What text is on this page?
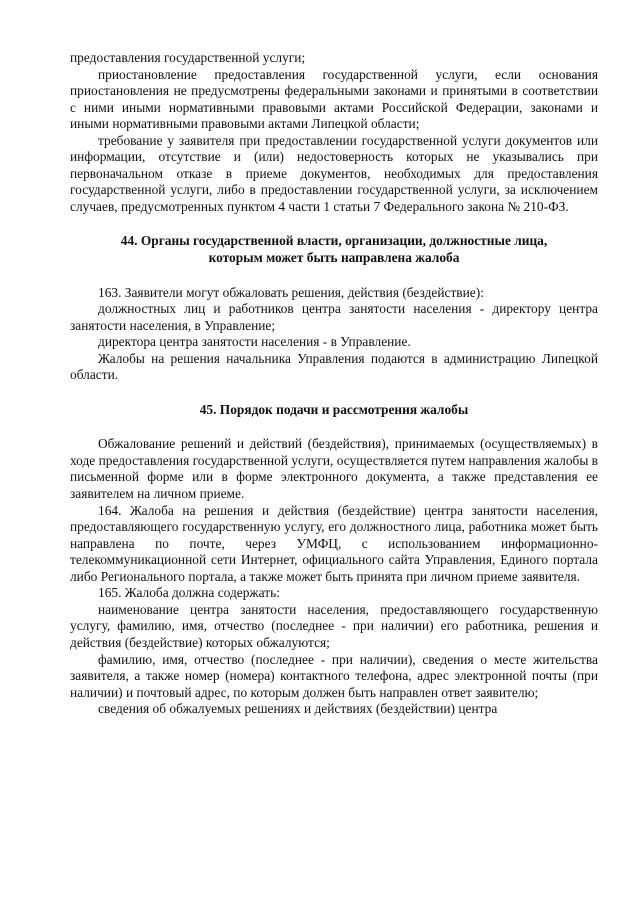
предоставления государственной услуги;

приостановление предоставления государственной услуги, если основания приостановления не предусмотрены федеральными законами и принятыми в соответствии с ними иными нормативными правовыми актами Российской Федерации, законами и иными нормативными правовыми актами Липецкой области;

требование у заявителя при предоставлении государственной услуги документов или информации, отсутствие и (или) недостоверность которых не указывались при первоначальном отказе в приеме документов, необходимых для предоставления государственной услуги, либо в предоставлении государственной услуги, за исключением случаев, предусмотренных пунктом 4 части 1 статьи 7 Федерального закона № 210-ФЗ.

44. Органы государственной власти, организации, должностные лица, которым может быть направлена жалоба

163. Заявители могут обжаловать решения, действия (бездействие):

должностных лиц и работников центра занятости населения - директору центра занятости населения, в Управление;

директора центра занятости населения - в Управление.

Жалобы на решения начальника Управления подаются в администрацию Липецкой области.

45. Порядок подачи и рассмотрения жалобы

Обжалование решений и действий (бездействия), принимаемых (осуществляемых) в ходе предоставления государственной услуги, осуществляется путем направления жалобы в письменной форме или в форме электронного документа, а также представления ее заявителем на личном приеме.

164. Жалоба на решения и действия (бездействие) центра занятости населения, предоставляющего государственную услугу, его должностного лица, работника может быть направлена по почте, через УМФЦ, с использованием информационно-телекоммуникационной сети Интернет, официального сайта Управления, Единого портала либо Регионального портала, а также может быть принята при личном приеме заявителя.

165. Жалоба должна содержать:

наименование центра занятости населения, предоставляющего государственную услугу, фамилию, имя, отчество (последнее - при наличии) его работника, решения и действия (бездействие) которых обжалуются;

фамилию, имя, отчество (последнее - при наличии), сведения о месте жительства заявителя, а также номер (номера) контактного телефона, адрес электронной почты (при наличии) и почтовый адрес, по которым должен быть направлен ответ заявителю;

сведения об обжалуемых решениях и действиях (бездействии) центра
